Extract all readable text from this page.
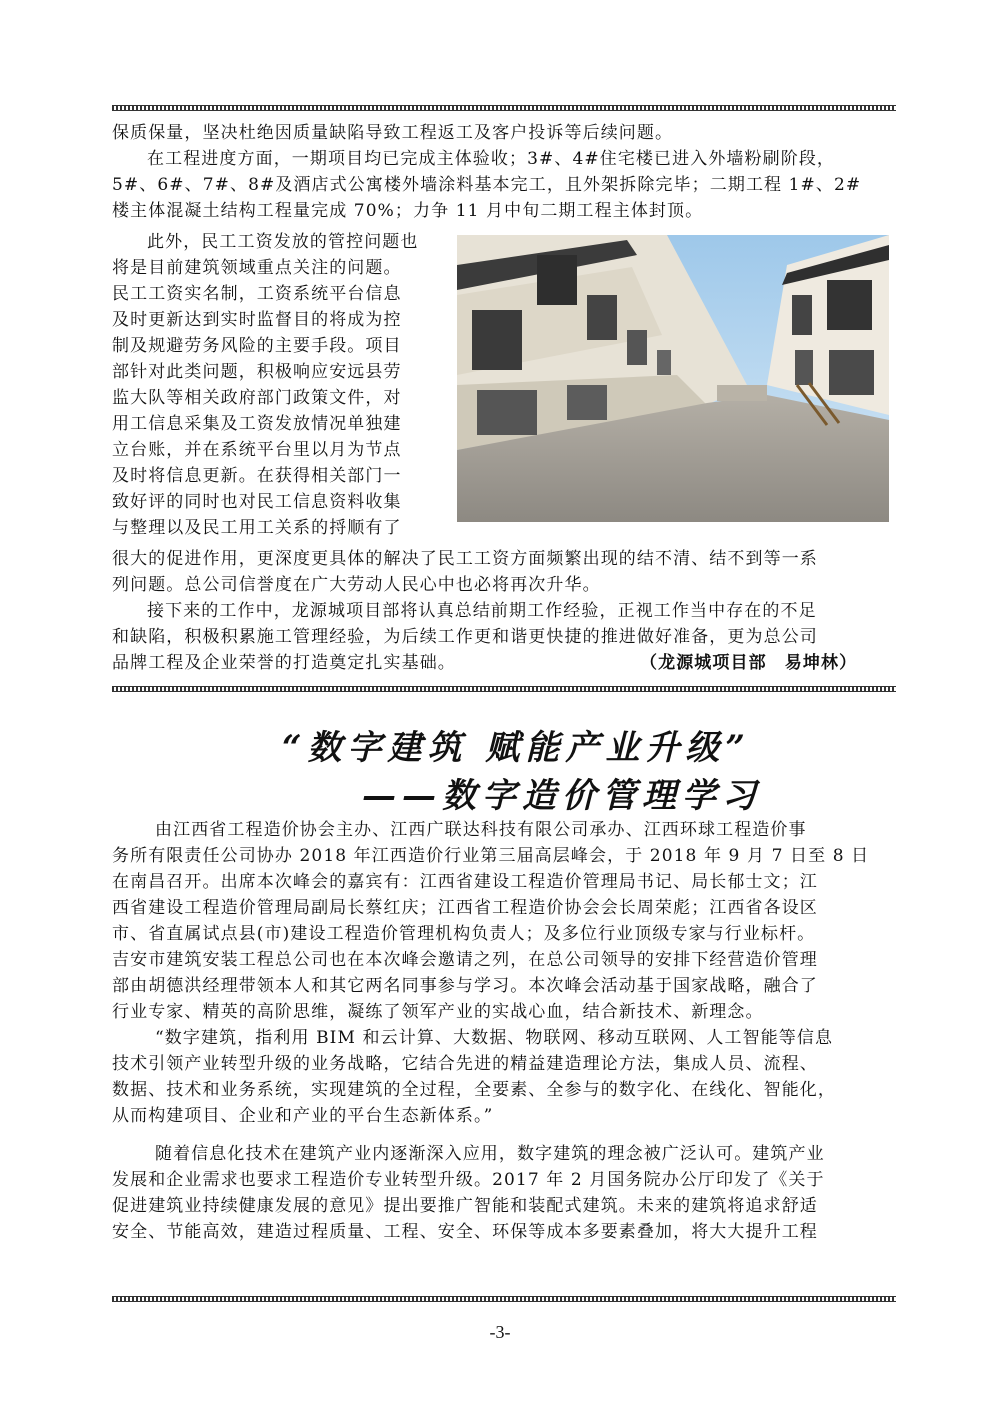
保质保量，坚决杜绝因质量缺陷导致工程返工及客户投诉等后续问题。
在工程进度方面，一期项目均已完成主体验收；3#、4#住宅楼已进入外墙粉刷阶段，
5#、6#、7#、8#及酒店式公寓楼外墙涂料基本完工，且外架拆除完毕；二期工程 1#、2#
楼主体混凝土结构工程量完成 70%；力争 11 月中旬二期工程主体封顶。
此外，民工工资发放的管控问题也
将是目前建筑领域重点关注的问题。
民工工资实名制，工资系统平台信息
及时更新达到实时监督目的将成为控
制及规避劳务风险的主要手段。项目
部针对此类问题，积极响应安远县劳
监大队等相关政府部门政策文件，对
用工信息采集及工资发放情况单独建
立台账，并在系统平台里以月为节点
及时将信息更新。在获得相关部门一
致好评的同时也对民工信息资料收集
与整理以及民工用工关系的捋顺有了
很大的促进作用，更深度更具体的解决了民工工资方面频繁出现的结不清、结不到等一系
列问题。总公司信誉度在广大劳动人民心中也必将再次升华。
接下来的工作中，龙源城项目部将认真总结前期工作经验，正视工作当中存在的不足
和缺陷，积极积累施工管理经验，为后续工作更和谐更快捷的推进做好准备，更为总公司
品牌工程及企业荣誉的打造奠定扎实基础。	（龙源城项目部　易坤林）
“数字建筑 赋能产业升级”
——数字造价管理学习
由江西省工程造价协会主办、江西广联达科技有限公司承办、江西环球工程造价事
务所有限责任公司协办 2018 年江西造价行业第三届高层峰会，于 2018 年 9 月 7 日至 8 日
在南昌召开。出席本次峰会的嘉宾有：江西省建设工程造价管理局书记、局长郁士文；江
西省建设工程造价管理局副局长蔡红庆；江西省工程造价协会会长周荣彪；江西省各设区
市、省直属试点县(市)建设工程造价管理机构负责人；及多位行业顶级专家与行业标杆。
吉安市建筑安装工程总公司也在本次峰会邀请之列，在总公司领导的安排下经营造价管理
部由胡德洪经理带领本人和其它两名同事参与学习。本次峰会活动基于国家战略，融合了
行业专家、精英的高阶思维，凝练了领军产业的实战心血，结合新技术、新理念。
“数字建筑，指利用 BIM 和云计算、大数据、物联网、移动互联网、人工智能等信息
技术引领产业转型升级的业务战略，它结合先进的精益建造理论方法，集成人员、流程、
数据、技术和业务系统，实现建筑的全过程，全要素、全参与的数字化、在线化、智能化，
从而构建项目、企业和产业的平台生态新体系。”
随着信息化技术在建筑产业内逐渐深入应用，数字建筑的理念被广泛认可。建筑产业
发展和企业需求也要求工程造价专业转型升级。2017 年 2 月国务院办公厅印发了《关于
促进建筑业持续健康发展的意见》提出要推广智能和装配式建筑。未来的建筑将追求舒适
安全、节能高效，建造过程质量、工程、安全、环保等成本多要素叠加，将大大提升工程
-3-
